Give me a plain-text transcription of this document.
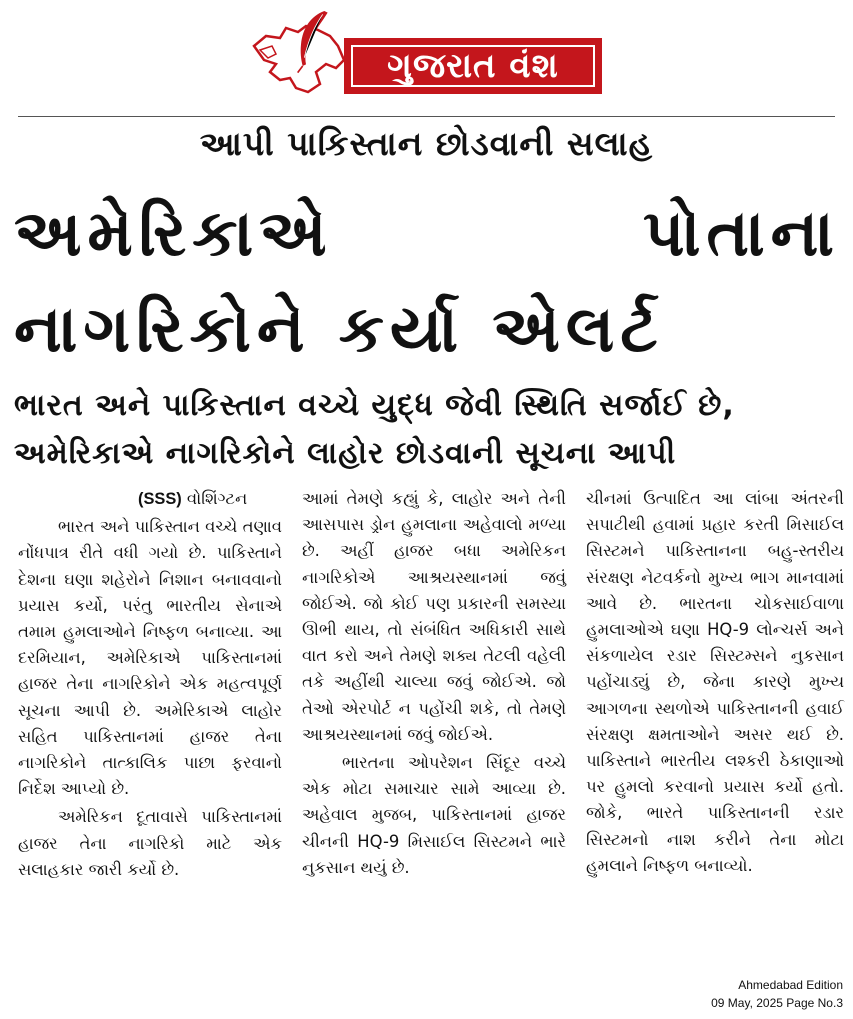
ગુજરાત વંશ
આપી પાકિસ્તાન છોડવાની સલાહ
અમેરિકાએ	પોતાના
નાગરિકોને કર્યા એલર્ટ
ભારત અને પાકિસ્તાન વચ્ચે યુદ્ધ જેવી સ્થિતિ સર્જાઈ છે,
અમેરિકાએ નાગરિકોને લાહોર છોડવાની સૂચના આપી

(SSS) વોશિંગ્ટન

ભારત અને પાકિસ્તાન વચ્ચે તણાવ નોંધપાત્ર રીતે વધી ગયો છે. પાકિસ્તાને દેશના ઘણા શહેરોને નિશાન બનાવવાનો પ્રયાસ કર્યો, પરંતુ ભારતીય સેનાએ તમામ હુમલાઓને નિષ્ફળ બનાવ્યા. આ દરમિયાન, અમેરિકાએ પાકિસ્તાનમાં હાજર તેના નાગરિકોને એક મહત્વપૂર્ણ સૂચના આપી છે. અમેરિકાએ લાહોર સહિત પાકિસ્તાનમાં હાજર તેના નાગરિકોને તાત્કાલિક પાછા ફરવાનો નિર્દેશ આપ્યો છે.

અમેરિકન દૂતાવાસે પાકિસ્તાનમાં હાજર તેના નાગરિકો માટે એક સલાહકાર જારી કર્યો છે.

આમાં તેમણે કહ્યું કે, લાહોર અને તેની આસપાસ ડ્રોન હુમલાના અહેવાલો મળ્યા છે. અહીં હાજર બધા અમેરિકન નાગરિકોએ આશ્રયસ્થાનમાં જવું જોઈએ. જો કોઈ પણ પ્રકારની સમસ્યા ઊભી થાય, તો સંબંધિત અધિકારી સાથે વાત કરો અને તેમણે શક્ય તેટલી વહેલી તકે અહીંથી ચાલ્યા જવું જોઈએ. જો તેઓ એરપોર્ટ ન પહોંચી શકે, તો તેમણે આશ્રયસ્થાનમાં જવું જોઈએ.

ભારતના ઓપરેશન સિંદૂર વચ્ચે એક મોટા સમાચાર સામે આવ્યા છે. અહેવાલ મુજબ, પાકિસ્તાનમાં હાજર ચીનની HQ-9 મિસાઈલ સિસ્ટમને ભારે નુકસાન થયું છે.

ચીનમાં ઉત્પાદિત આ લાંબા અંતરની સપાટીથી હવામાં પ્રહાર કરતી મિસાઈલ સિસ્ટમને પાકિસ્તાનના બહુ-સ્તરીય સંરક્ષણ નેટવર્કનો મુખ્ય ભાગ માનવામાં આવે છે. ભારતના ચોકસાઈવાળા હુમલાઓએ ઘણા HQ-9 લોન્ચર્સ અને સંકળાયેલ રડાર સિસ્ટમ્સને નુકસાન પહોંચાડ્યું છે, જેના કારણે મુખ્ય આગળના સ્થળોએ પાકિસ્તાનની હવાઈ સંરક્ષણ ક્ષમતાઓને અસર થઈ છે. પાકિસ્તાને ભારતીય લશ્કરી ઠેકાણાઓ પર હુમલો કરવાનો પ્રયાસ કર્યો હતો. જોકે, ભારતે પાકિસ્તાનની રડાર સિસ્ટમનો નાશ કરીને તેના મોટા હુમલાને નિષ્ફળ બનાવ્યો.

Ahmedabad Edition
09 May, 2025 Page No.3
